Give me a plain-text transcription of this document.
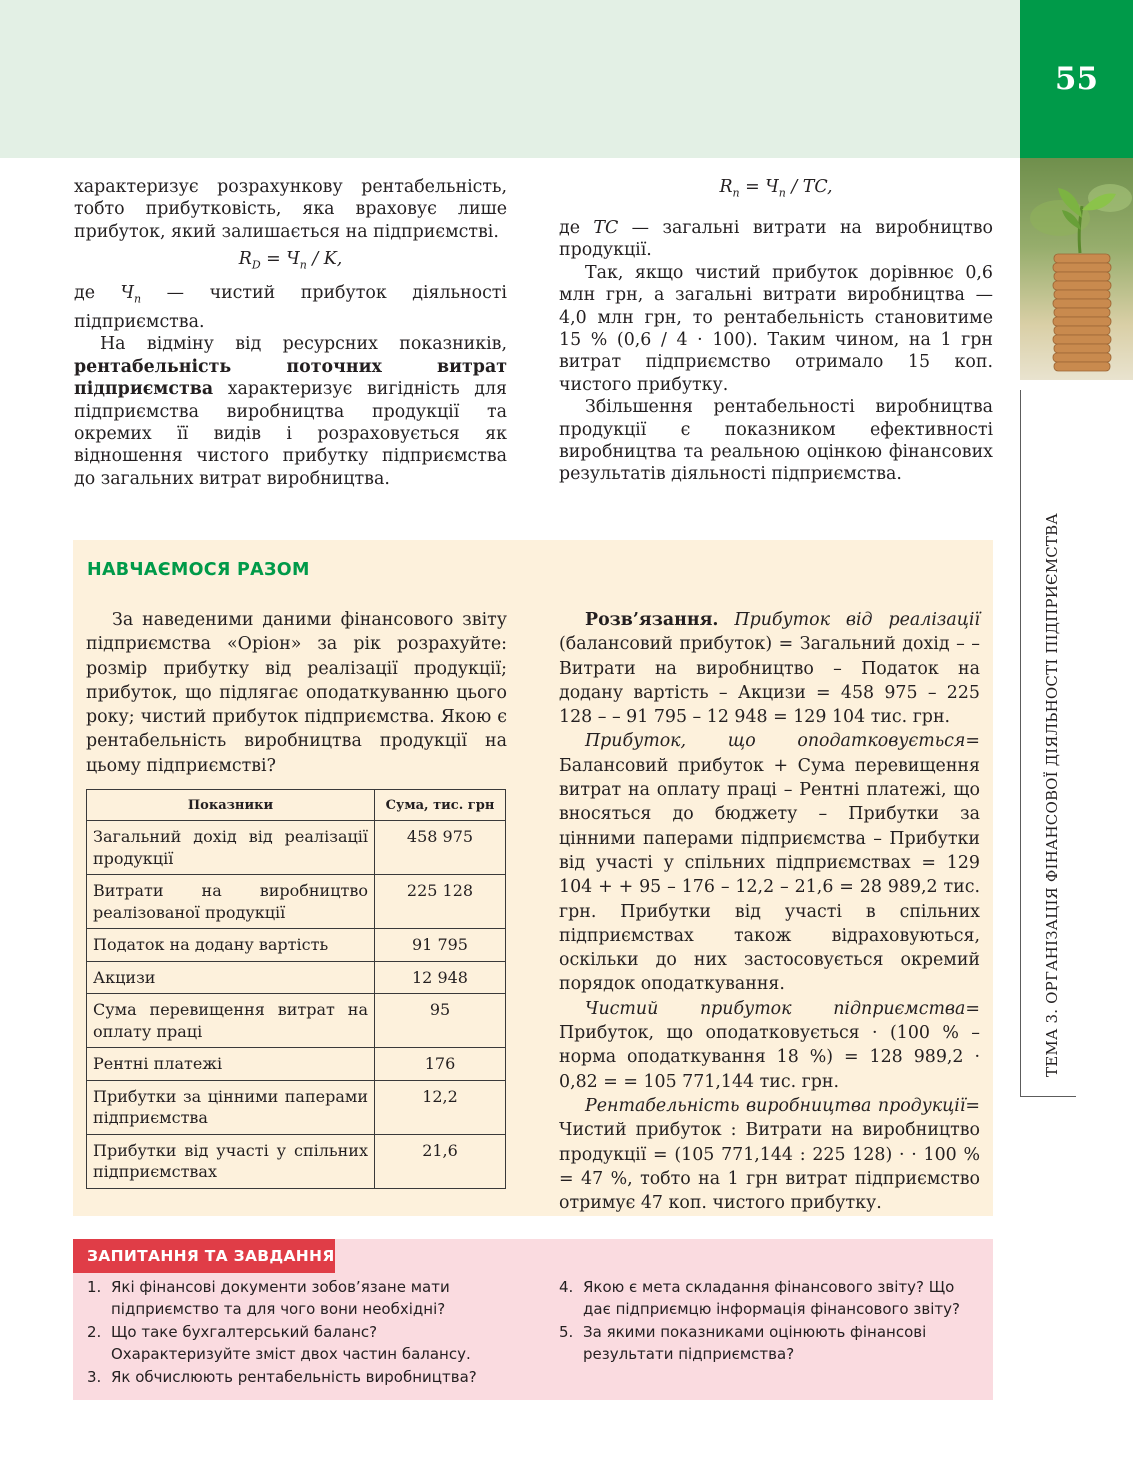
55
ТЕМА 3. ОРГАНІЗАЦІЯ ФІНАНСОВОЇ ДІЯЛЬНОСТІ ПІДПРИЄМСТВА

характеризує розрахункову рентабельність, тобто прибутковість, яка враховує лише прибуток, який залишається на підприємстві.

$R_D = Ч_п / K$,

де $Ч_п$ — чистий прибуток діяльності підприємства.

На відміну від ресурсних показників, рентабельність поточних витрат підприємства характеризує вигідність для підприємства виробництва продукції та окремих її видів і розраховується як відношення чистого прибутку підприємства до загальних витрат виробництва.

$R_п = Ч_п$ / TC,

де TC — загальні витрати на виробництво продукції.

Так, якщо чистий прибуток дорівнює 0,6 млн грн, а загальні витрати виробництва — 4,0 млн грн, то рентабельність становитиме 15 % (0,6 / 4 · 100). Таким чином, на 1 грн витрат підприємство отримало 15 коп. чистого прибутку.

Збільшення рентабельності виробництва продукції є показником ефективності виробництва та реальною оцінкою фінансових результатів діяльності підприємства.

НАВЧАЄМОСЯ РАЗОМ

За наведеними даними фінансового звіту підприємства «Оріон» за рік розрахуйте: розмір прибутку від реалізації продукції; прибуток, що підлягає оподаткуванню цього року; чистий прибуток підприємства. Якою є рентабельність виробництва продукції на цьому підприємстві?

Показники	Сума, тис. грн
Загальний дохід від реалізації продукції	458 975
Витрати на виробництво реалізованої продукції	225 128
Податок на додану вартість	91 795
Акцизи	12 948
Сума перевищення витрат на оплату праці	95
Рентні платежі	176
Прибутки за цінними паперами підприємства	12,2
Прибутки від участі у спільних підприємствах	21,6

Розв’язання. Прибуток від реалізації (балансовий прибуток) = Загальний дохід – – Витрати на виробництво – Податок на додану вартість – Акцизи = 458 975 – 225 128 – – 91 795 – 12 948 = 129 104 тис. грн.

Прибуток, що оподатковується= Балансовий прибуток + Сума перевищення витрат на оплату праці – Рентні платежі, що вносяться до бюджету – Прибутки за цінними паперами підприємства – Прибутки від участі у спільних підприємствах = 129 104 + + 95 – 176 – 12,2 – 21,6 = 28 989,2 тис. грн. Прибутки від участі в спільних підприємствах також відраховуються, оскільки до них застосовується окремий порядок оподаткування.

Чистий прибуток підприємства= Прибуток, що оподатковується · (100 % – норма оподаткування 18 %) = 128 989,2 · 0,82 = = 105 771,144 тис. грн.

Рентабельність виробництва продукції= Чистий прибуток : Витрати на виробництво продукції = (105 771,144 : 225 128) · · 100 % = 47 %, тобто на 1 грн витрат підприємство отримує 47 коп. чистого прибутку.

ЗАПИТАННЯ ТА ЗАВДАННЯ
1. Які фінансові документи зобов’язане мати підприємство та для чого вони необхідні?
2. Що таке бухгалтерський баланс? Охарактеризуйте зміст двох частин балансу.
3. Як обчислюють рентабельність виробництва?
4. Якою є мета складання фінансового звіту? Що дає підприємцю інформація фінансового звіту?
5. За якими показниками оцінюють фінансові результати підприємства?
